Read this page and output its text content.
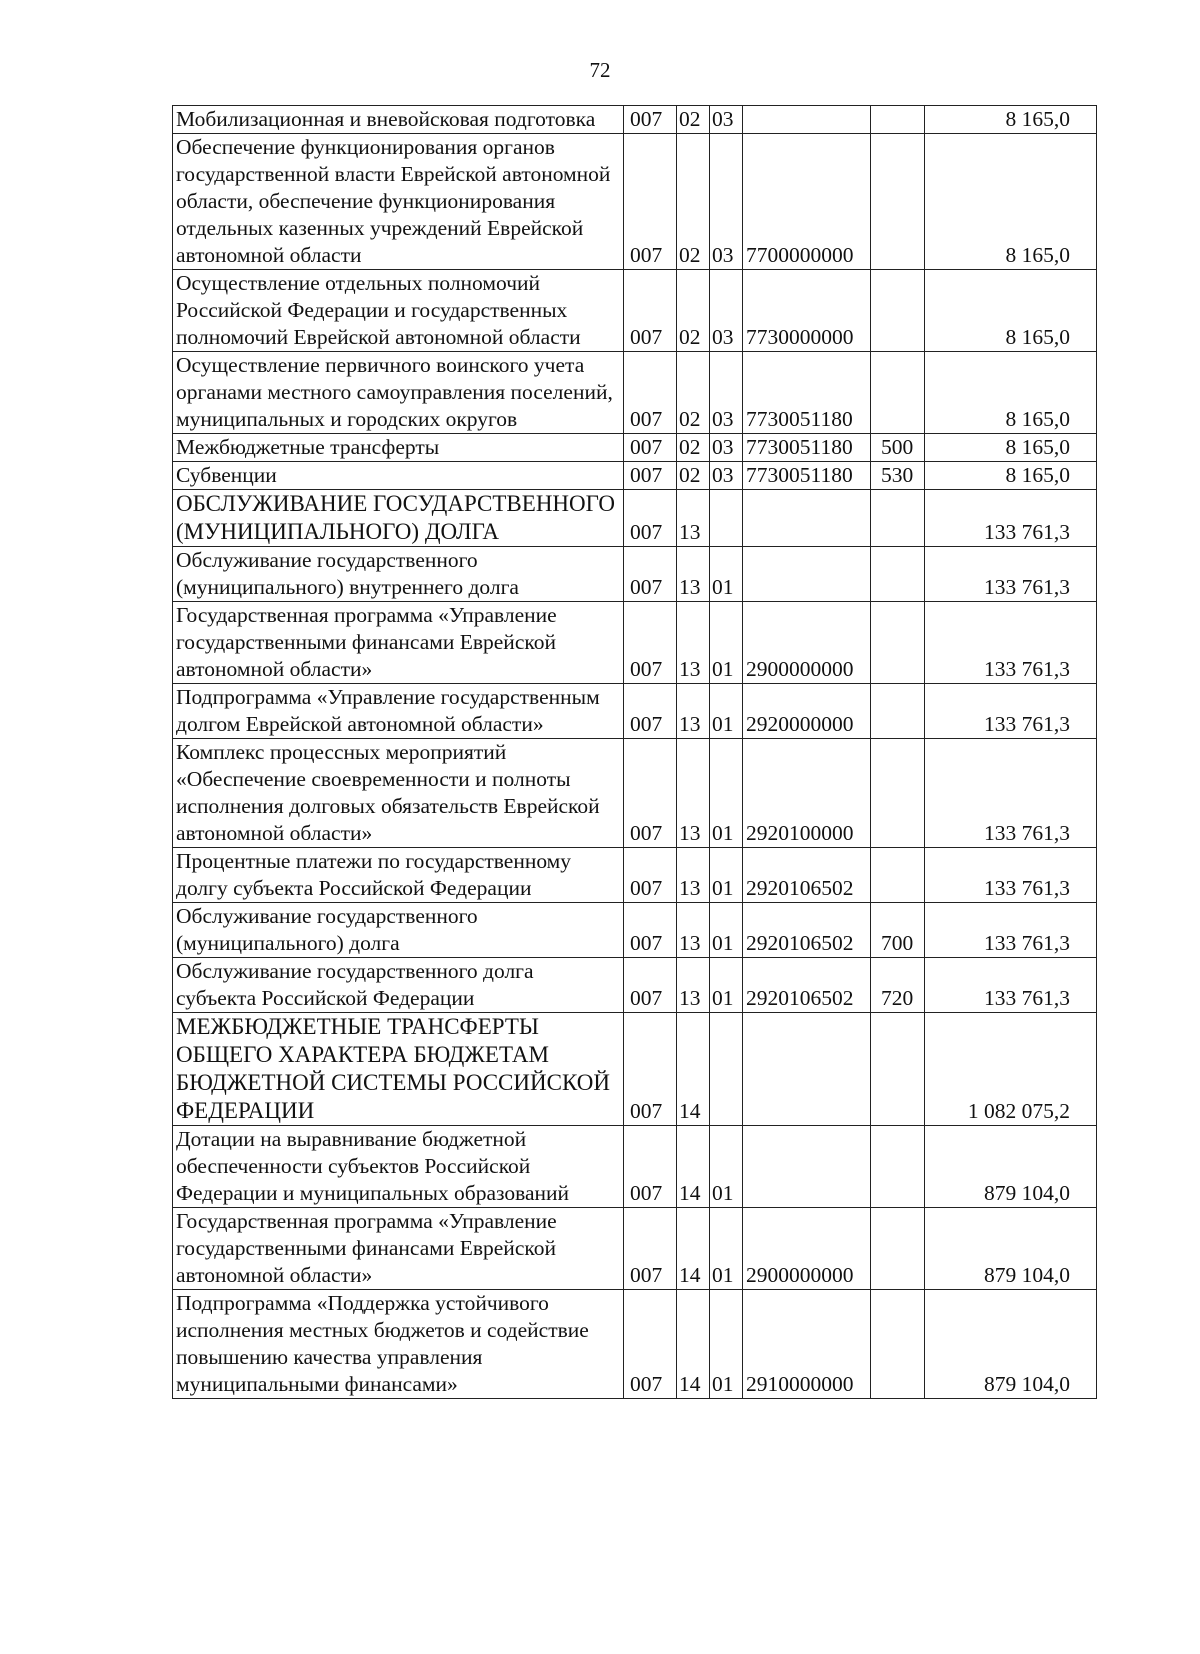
72
Мобилизационная и вневойсковая подготовка	007	02	03			8 165,0
Обеспечение функционирования органов государственной власти Еврейской автономной области, обеспечение функционирования отдельных казенных учреждений Еврейской автономной области	007	02	03	7700000000		8 165,0
Осуществление отдельных полномочий Российской Федерации и государственных полномочий Еврейской автономной области	007	02	03	7730000000		8 165,0
Осуществление первичного воинского учета органами местного самоуправления поселений, муниципальных и городских округов	007	02	03	7730051180		8 165,0
Межбюджетные трансферты	007	02	03	7730051180	500	8 165,0
Субвенции	007	02	03	7730051180	530	8 165,0
ОБСЛУЖИВАНИЕ ГОСУДАРСТВЕННОГО (МУНИЦИПАЛЬНОГО) ДОЛГА	007	13				133 761,3
Обслуживание государственного (муниципального) внутреннего долга	007	13	01			133 761,3
Государственная программа «Управление государственными финансами Еврейской автономной области»	007	13	01	2900000000		133 761,3
Подпрограмма «Управление государственным долгом Еврейской автономной области»	007	13	01	2920000000		133 761,3
Комплекс процессных мероприятий «Обеспечение своевременности и полноты исполнения долговых обязательств Еврейской автономной области»	007	13	01	2920100000		133 761,3
Процентные платежи по государственному долгу субъекта Российской Федерации	007	13	01	2920106502		133 761,3
Обслуживание государственного (муниципального) долга	007	13	01	2920106502	700	133 761,3
Обслуживание государственного долга субъекта Российской Федерации	007	13	01	2920106502	720	133 761,3
МЕЖБЮДЖЕТНЫЕ ТРАНСФЕРТЫ ОБЩЕГО ХАРАКТЕРА БЮДЖЕТАМ БЮДЖЕТНОЙ СИСТЕМЫ РОССИЙСКОЙ ФЕДЕРАЦИИ	007	14				1 082 075,2
Дотации на выравнивание бюджетной обеспеченности субъектов Российской Федерации и муниципальных образований	007	14	01			879 104,0
Государственная программа «Управление государственными финансами Еврейской автономной области»	007	14	01	2900000000		879 104,0
Подпрограмма «Поддержка устойчивого исполнения местных бюджетов и содействие повышению качества управления муниципальными финансами»	007	14	01	2910000000		879 104,0
